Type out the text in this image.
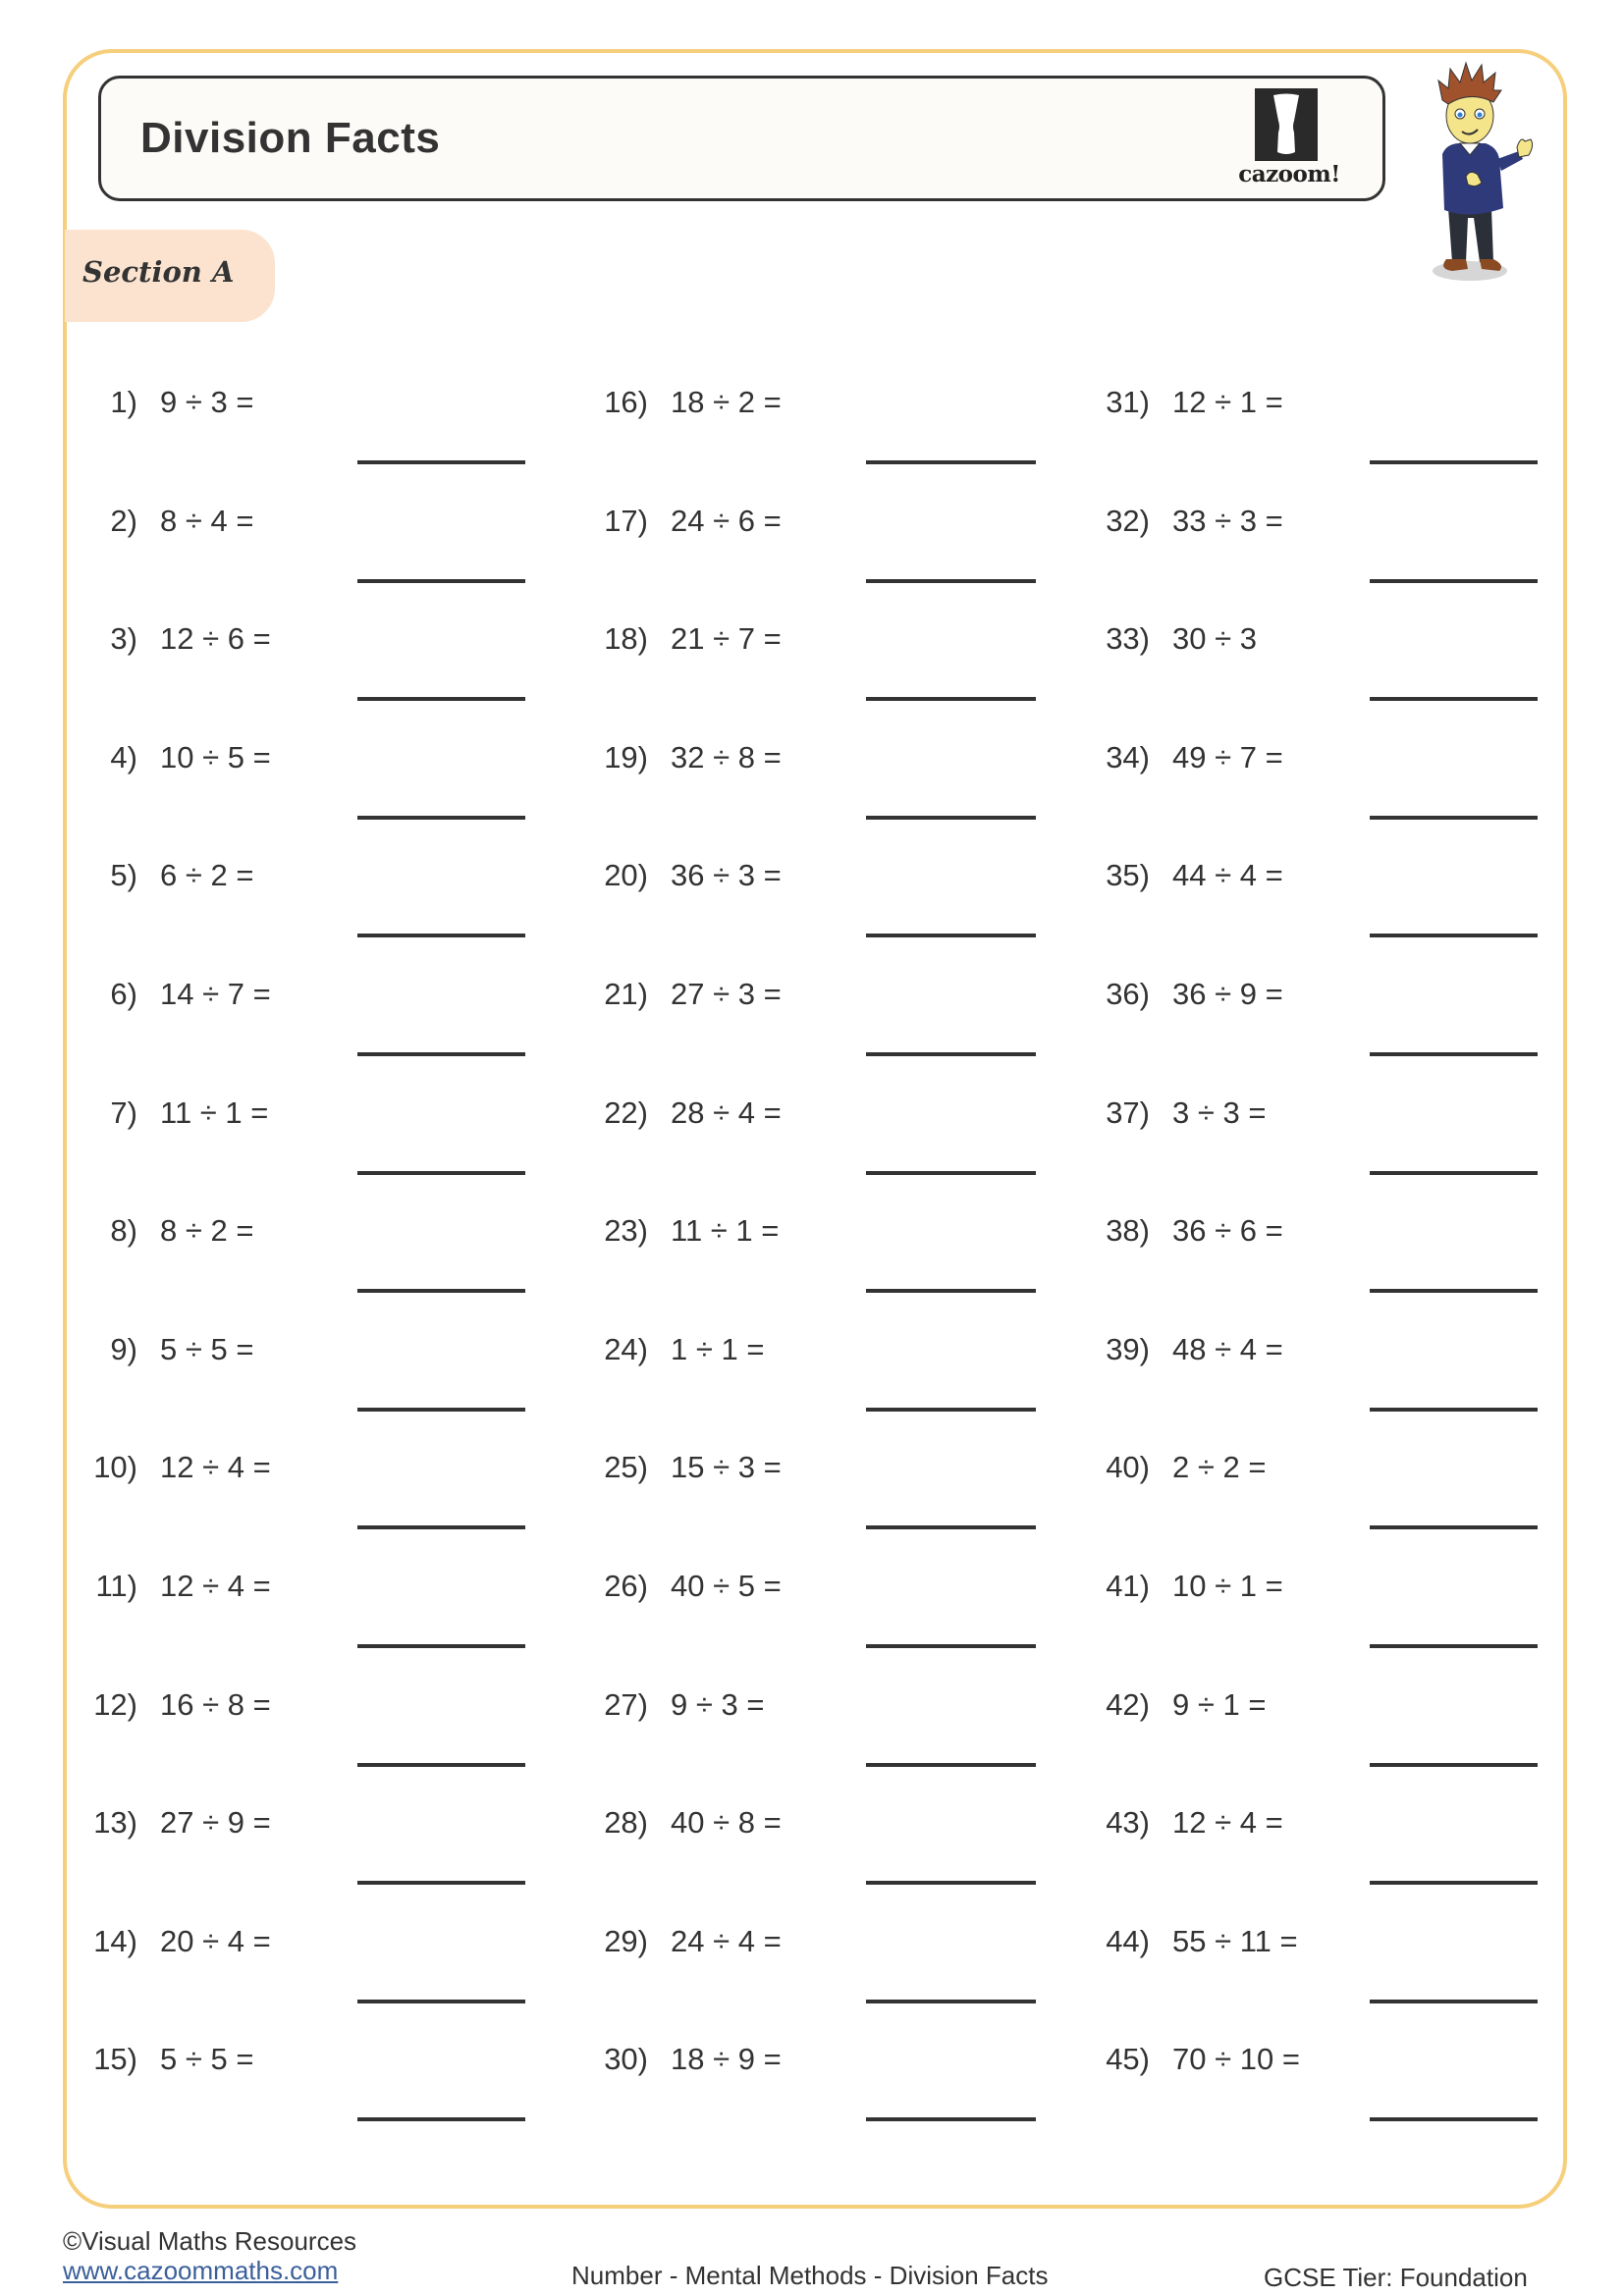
Division Facts
cazoom!
Section A
1) 9 ÷ 3 =
2) 8 ÷ 4 =
3) 12 ÷ 6 =
4) 10 ÷ 5 =
5) 6 ÷ 2 =
6) 14 ÷ 7 =
7) 11 ÷ 1 =
8) 8 ÷ 2 =
9) 5 ÷ 5 =
10) 12 ÷ 4 =
11) 12 ÷ 4 =
12) 16 ÷ 8 =
13) 27 ÷ 9 =
14) 20 ÷ 4 =
15) 5 ÷ 5 =
16) 18 ÷ 2 =
17) 24 ÷ 6 =
18) 21 ÷ 7 =
19) 32 ÷ 8 =
20) 36 ÷ 3 =
21) 27 ÷ 3 =
22) 28 ÷ 4 =
23) 11 ÷ 1 =
24) 1 ÷ 1 =
25) 15 ÷ 3 =
26) 40 ÷ 5 =
27) 9 ÷ 3 =
28) 40 ÷ 8 =
29) 24 ÷ 4 =
30) 18 ÷ 9 =
31) 12 ÷ 1 =
32) 33 ÷ 3 =
33) 30 ÷ 3
34) 49 ÷ 7 =
35) 44 ÷ 4 =
36) 36 ÷ 9 =
37) 3 ÷ 3 =
38) 36 ÷ 6 =
39) 48 ÷ 4 =
40) 2 ÷ 2 =
41) 10 ÷ 1 =
42) 9 ÷ 1 =
43) 12 ÷ 4 =
44) 55 ÷ 11 =
45) 70 ÷ 10 =
©Visual Maths Resources
www.cazoommaths.com	Number - Mental Methods - Division Facts	GCSE Tier: Foundation
